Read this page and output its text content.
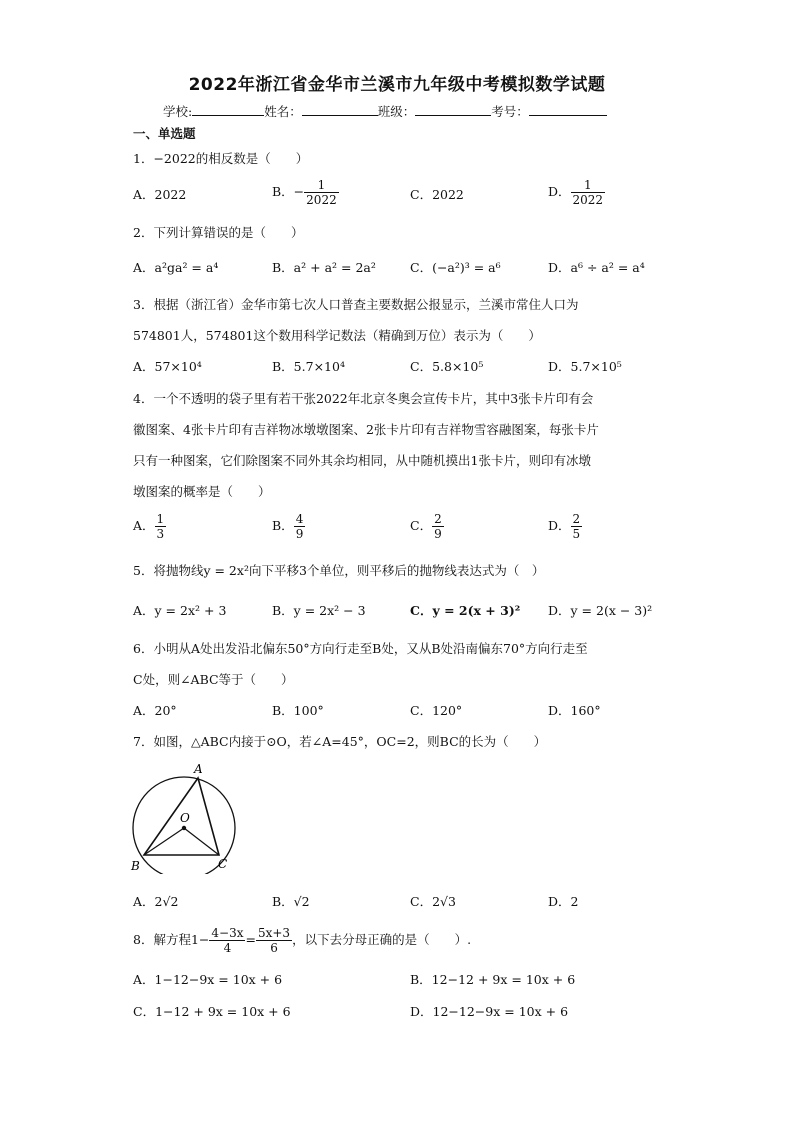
2022年浙江省金华市兰溪市九年级中考模拟数学试题
学校:	姓名：	班级：	考号：
一、单选题
1．−2022的相反数是（　　）
A．2022	B．− $\frac{1}{2022}$	C．2022	D． $\frac{1}{2022}$
2．下列计算错误的是（　　）
A．a²ga² = a⁴	B．a² + a² = 2a²	C．(−a²)³ = a⁶	D．a⁶ ÷ a² = a⁴
3．根据（浙江省）金华市第七次人口普查主要数据公报显示，兰溪市常住人口为
574801人，574801这个数用科学记数法（精确到万位）表示为（　　）
A．57×10⁴	B．5.7×10⁴	C．5.8×10⁵	D．5.7×10⁵
4．一个不透明的袋子里有若干张2022年北京冬奥会宣传卡片，其中3张卡片印有会
徽图案、4张卡片印有吉祥物冰墩墩图案、2张卡片印有吉祥物雪容融图案，每张卡片
只有一种图案，它们除图案不同外其余均相同，从中随机摸出1张卡片，则印有冰墩
墩图案的概率是（　　）
A． $\frac{1}{3}$	B． $\frac{4}{9}$	C． $\frac{2}{9}$	D． $\frac{2}{5}$
5．将抛物线y = 2x²向下平移3个单位，则平移后的抛物线表达式为（　）
A．y = 2x² + 3	B．y = 2x² − 3	C．y = 2(x + 3)² D．y = 2(x − 3)²
6．小明从A处出发沿北偏东50°方向行走至B处，又从B处沿南偏东70°方向行走至
C处，则∠ABC等于（　　）
A．20°	B．100°	C．120°	D．160°
7．如图，△ABC内接于⊙O，若∠A=45°，OC=2，则BC的长为（　　）
A
B	C
O
A．2√2	B．√2	C．2√3	D．2
8．解方程$1- \frac{4-3x}{4} = \frac{5x+3}{6}$ ，以下去分母正确的是（　　）.
A．1−12−9x = 10x + 6	B．12−12 + 9x = 10x + 6
C．1−12 + 9x = 10x + 6	D．12−12−9x = 10x + 6
